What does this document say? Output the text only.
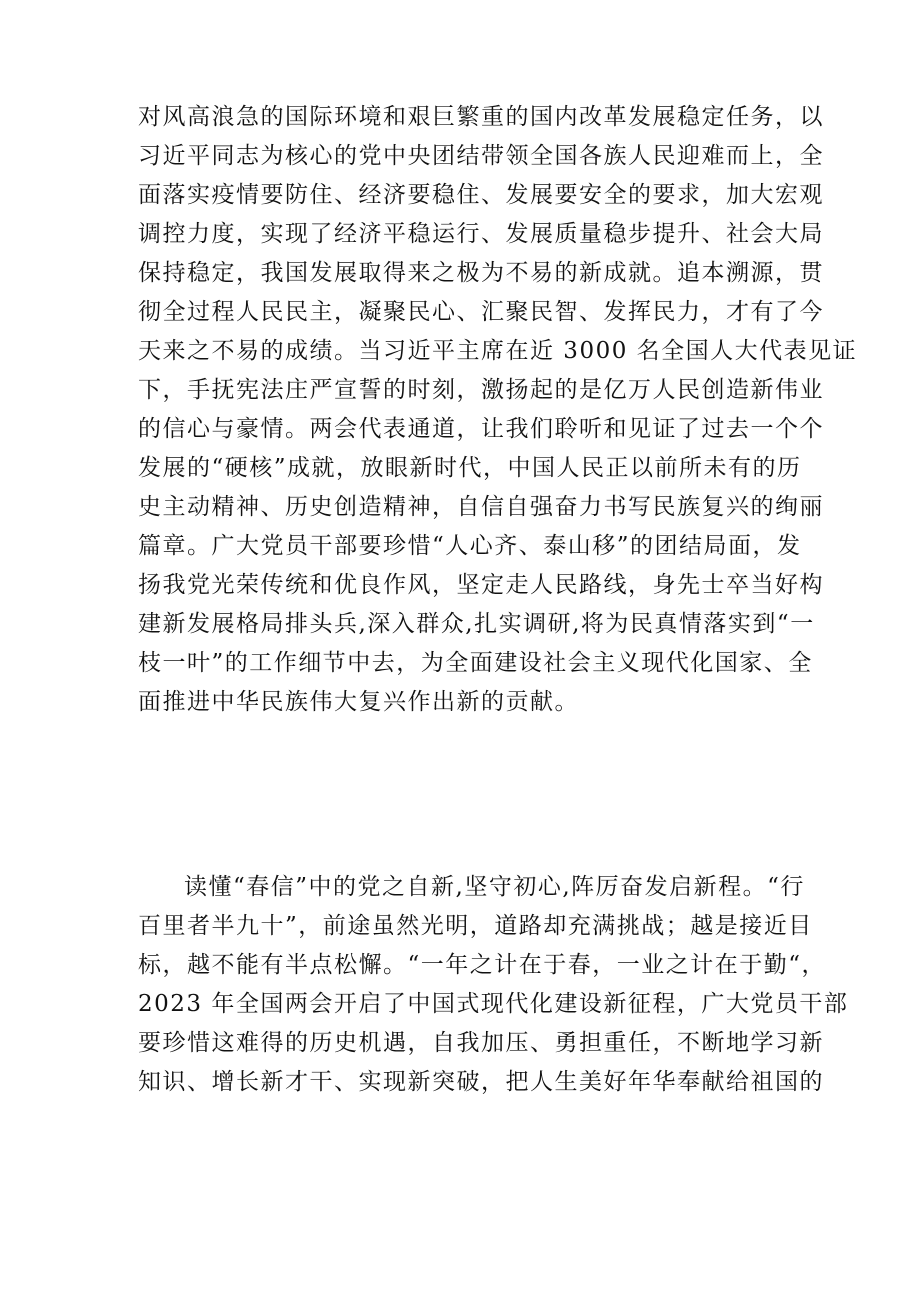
对风高浪急的国际环境和艰巨繁重的国内改革发展稳定任务，以
习近平同志为核心的党中央团结带领全国各族人民迎难而上，全
面落实疫情要防住、经济要稳住、发展要安全的要求，加大宏观
调控力度，实现了经济平稳运行、发展质量稳步提升、社会大局
保持稳定，我国发展取得来之极为不易的新成就。追本溯源，贯
彻全过程人民民主，凝聚民心、汇聚民智、发挥民力，才有了今
天来之不易的成绩。当习近平主席在近 3000 名全国人大代表见证
下，手抚宪法庄严宣誓的时刻，激扬起的是亿万人民创造新伟业
的信心与豪情。两会代表通道，让我们聆听和见证了过去一个个
发展的“硬核”成就，放眼新时代，中国人民正以前所未有的历
史主动精神、历史创造精神，自信自强奋力书写民族复兴的绚丽
篇章。广大党员干部要珍惜“人心齐、泰山移”的团结局面，发
扬我党光荣传统和优良作风，坚定走人民路线，身先士卒当好构
建新发展格局排头兵,深入群众,扎实调研,将为民真情落实到“一
枝一叶”的工作细节中去，为全面建设社会主义现代化国家、全
面推进中华民族伟大复兴作出新的贡献。
读懂“春信”中的党之自新,坚守初心,阵厉奋发启新程。“行
百里者半九十”，前途虽然光明，道路却充满挑战；越是接近目
标，越不能有半点松懈。“一年之计在于春，一业之计在于勤“，
2023 年全国两会开启了中国式现代化建设新征程，广大党员干部
要珍惜这难得的历史机遇，自我加压、勇担重任，不断地学习新
知识、增长新才干、实现新突破，把人生美好年华奉献给祖国的
